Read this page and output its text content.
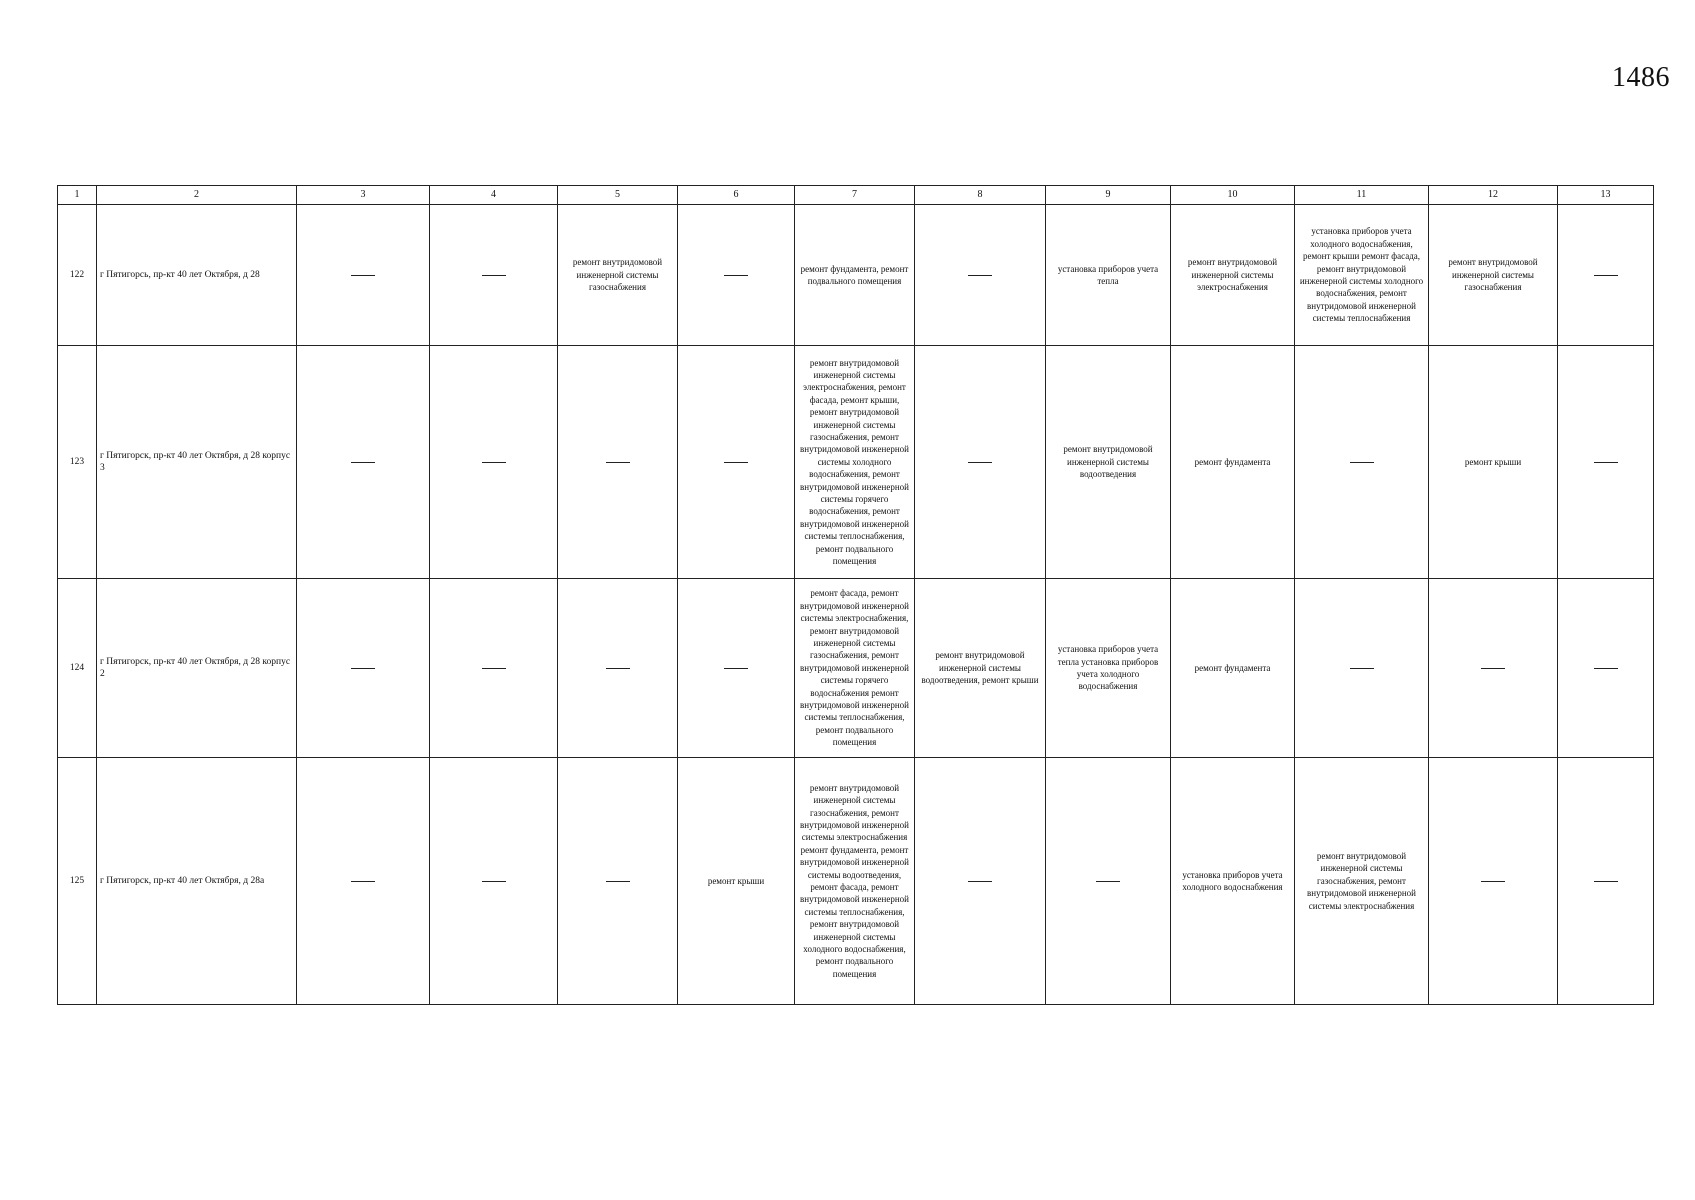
1486
1	2	3	4	5	6	7	8	9	10	11	12	13
122	г Пятигорсь, пр-кт 40 лет Октября, д 28			ремонт внутридомовой инженерной системы газоснабжения		ремонт фундамента, ремонт подвального помещения		установка приборов учета тепла	ремонт внутридомовой инженерной системы электроснабжения	установка приборов учета холодного водоснабжения, ремонт крыши ремонт фасада, ремонт внутридомовой инженерной системы холодного водоснабжения, ремонт внутридомовой инженерной системы теплоснабжения	ремонт внутридомовой инженерной системы газоснабжения	

123	г Пятигорск, пр-кт 40 лет Октября, д 28 корпус 3					ремонт внутридомовой инженерной системы электроснабжения, ремонт фасада, ремонт крыши, ремонт внутридомовой инженерной системы газоснабжения, ремонт внутридомовой инженерной системы холодного водоснабжения, ремонт внутридомовой инженерной системы горячего водоснабжения, ремонт внутридомовой инженерной системы теплоснабжения, ремонт подвального помещения		ремонт внутридомовой инженерной системы водоотведения	ремонт фундамента		ремонт крыши	

124	г Пятигорск, пр-кт 40 лет Октября, д 28 корпус 2					ремонт фасада, ремонт внутридомовой инженерной системы электроснабжения, ремонт внутридомовой инженерной системы газоснабжения, ремонт внутридомовой инженерной системы горячего водоснабжения ремонт внутридомовой инженерной системы теплоснабжения, ремонт подвального помещения	ремонт внутридомовой инженерной системы водоотведения, ремонт крыши	установка приборов учета тепла установка приборов учета холодного водоснабжения	ремонт фундамента			

125	г Пятигорск, пр-кт 40 лет Октября, д 28а				ремонт крыши	ремонт внутридомовой инженерной системы газоснабжения, ремонт внутридомовой инженерной системы электроснабжения ремонт фундамента, ремонт внутридомовой инженерной системы водоотведения, ремонт фасада, ремонт внутридомовой инженерной системы теплоснабжения, ремонт внутридомовой инженерной системы холодного водоснабжения, ремонт подвального помещения			установка приборов учета холодного водоснабжения	ремонт внутридомовой инженерной системы газоснабжения, ремонт внутридомовой инженерной системы электроснабжения		
